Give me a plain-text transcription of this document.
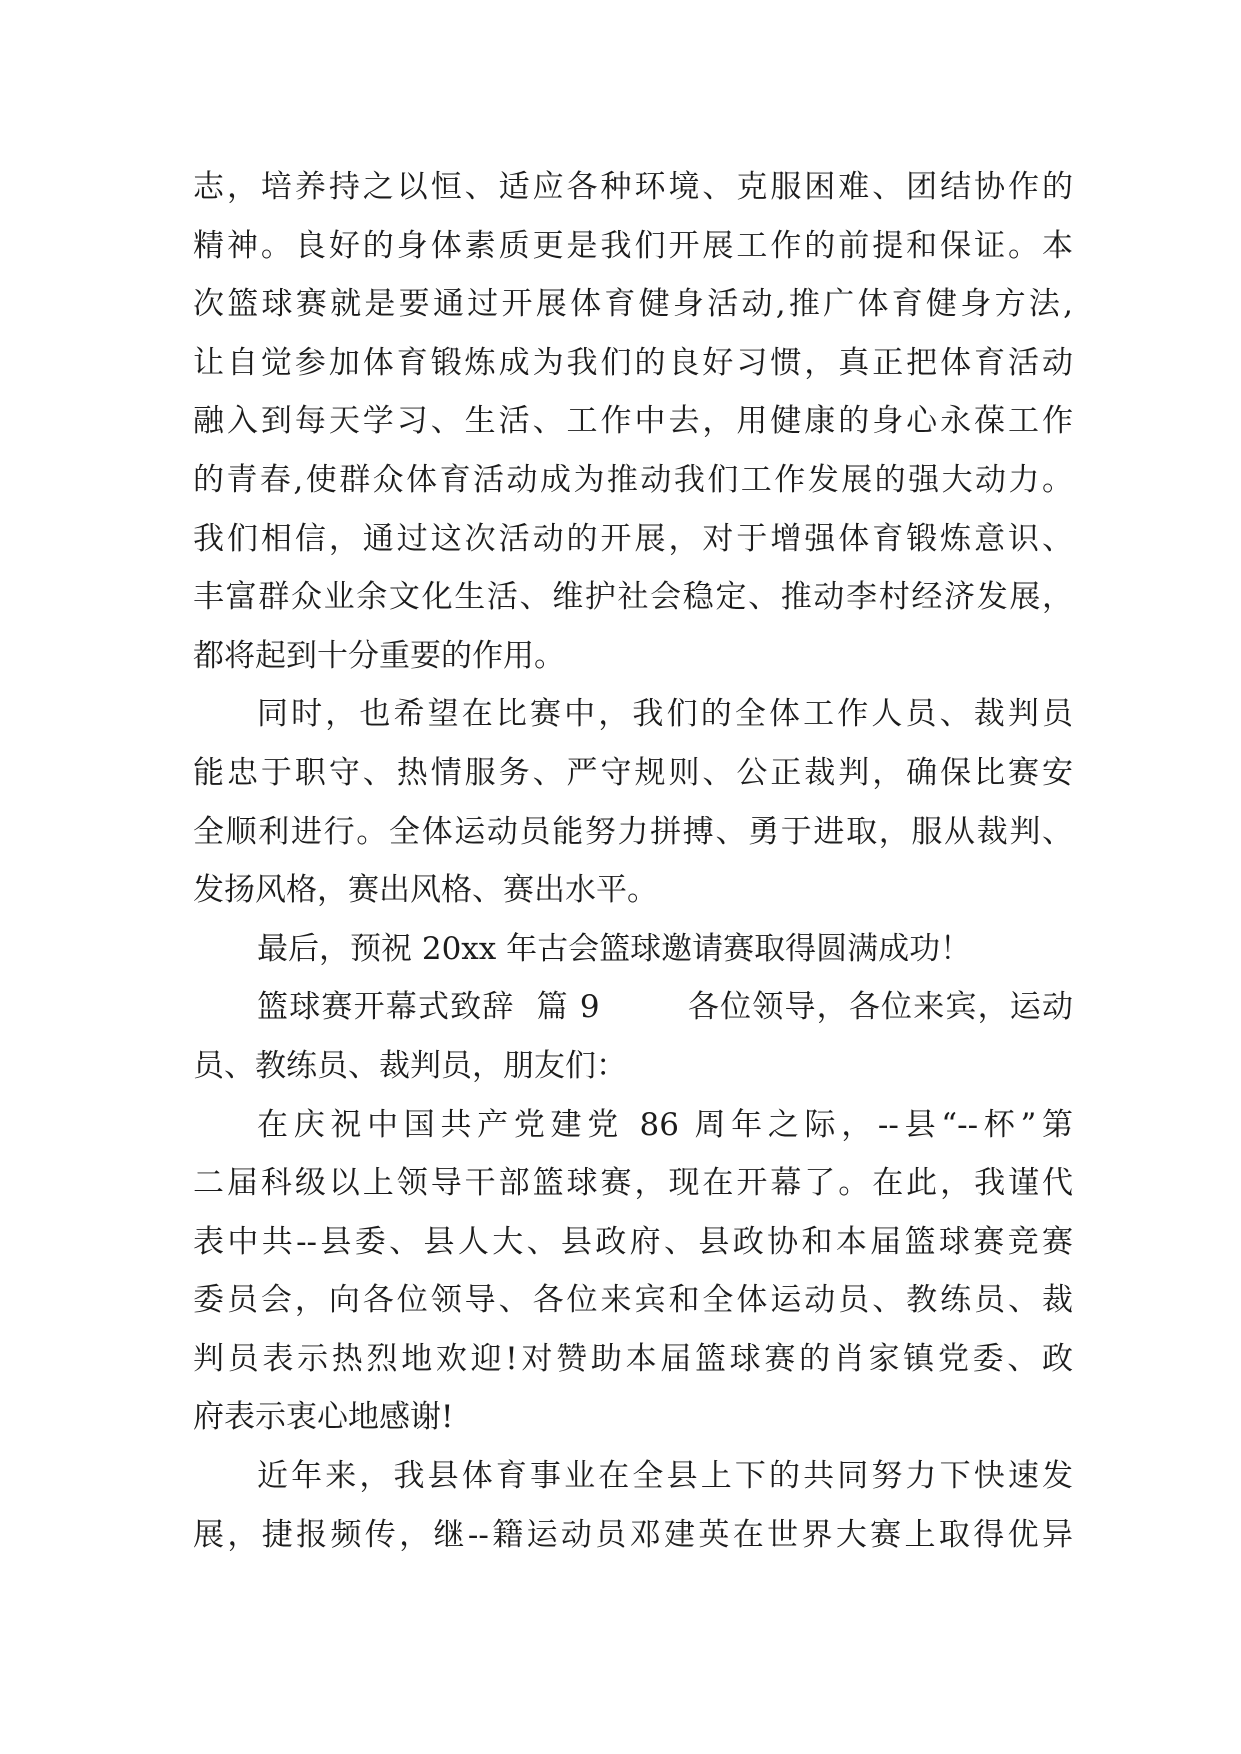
志，培养持之以恒、适应各种环境、克服困难、团结协作的
精神。良好的身体素质更是我们开展工作的前提和保证。本
次篮球赛就是要通过开展体育健身活动,推广体育健身方法,
让自觉参加体育锻炼成为我们的良好习惯，真正把体育活动
融入到每天学习、生活、工作中去，用健康的身心永葆工作
的青春,使群众体育活动成为推动我们工作发展的强大动力。
我们相信，通过这次活动的开展，对于增强体育锻炼意识、
丰富群众业余文化生活、维护社会稳定、推动李村经济发展，
都将起到十分重要的作用。
同时，也希望在比赛中，我们的全体工作人员、裁判员
能忠于职守、热情服务、严守规则、公正裁判，确保比赛安
全顺利进行。全体运动员能努力拼搏、勇于进取，服从裁判、
发扬风格，赛出风格、赛出水平。
最后，预祝 20xx 年古会篮球邀请赛取得圆满成功！
篮球赛开幕式致辞  篇 9        各位领导，各位来宾，运动
员、教练员、裁判员，朋友们：
在庆祝中国共产党建党 86 周年之际，--县“--杯”第
二届科级以上领导干部篮球赛，现在开幕了。在此，我谨代
表中共--县委、县人大、县政府、县政协和本届篮球赛竞赛
委员会，向各位领导、各位来宾和全体运动员、教练员、裁
判员表示热烈地欢迎!对赞助本届篮球赛的肖家镇党委、政
府表示衷心地感谢!
近年来，我县体育事业在全县上下的共同努力下快速发
展，捷报频传，继--籍运动员邓建英在世界大赛上取得优异
